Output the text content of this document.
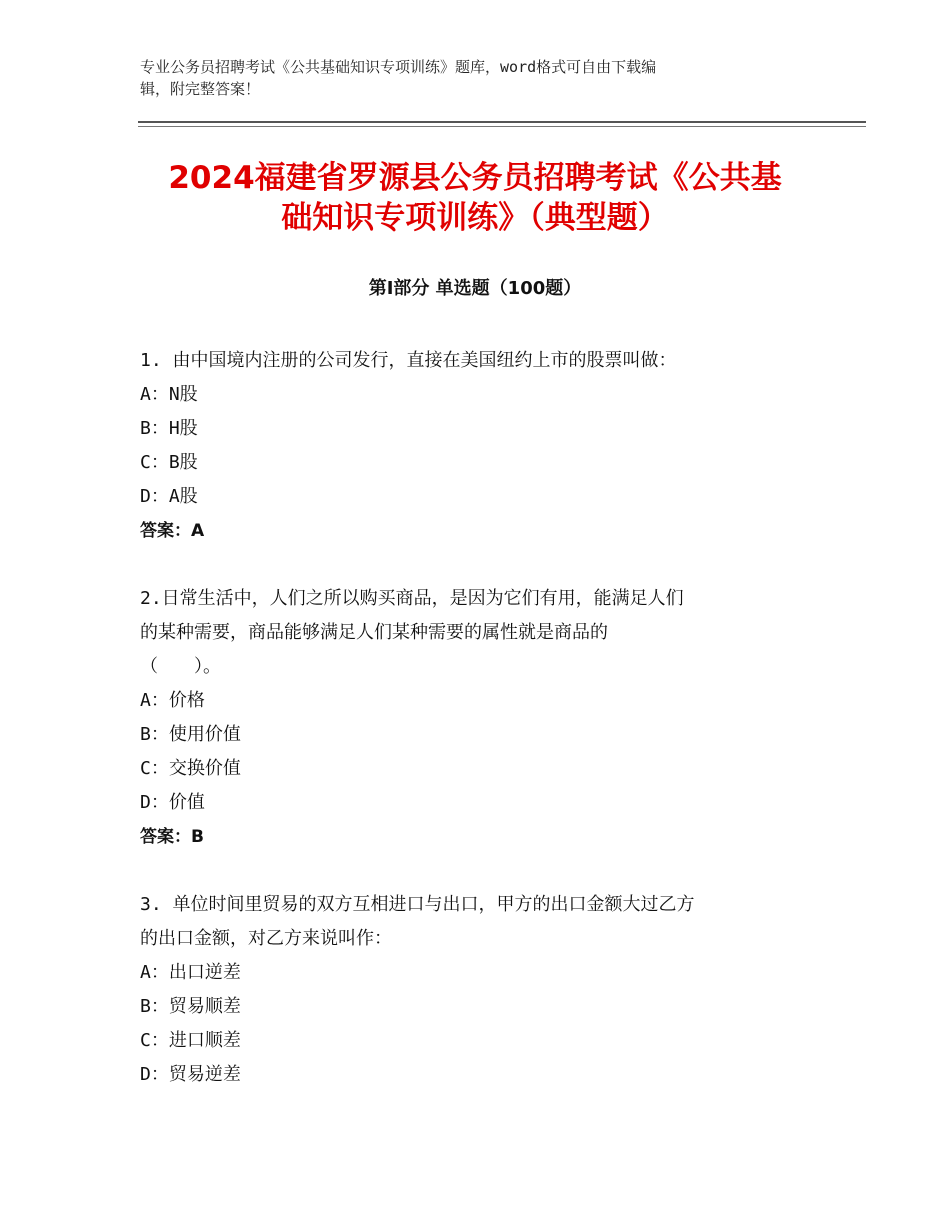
专业公务员招聘考试《公共基础知识专项训练》题库，word格式可自由下载编
辑，附完整答案！
2024福建省罗源县公务员招聘考试《公共基
础知识专项训练》（典型题）
第Ⅰ部分 单选题（100题）
1. 由中国境内注册的公司发行，直接在美国纽约上市的股票叫做：
A：N股
B：H股
C：B股
D：A股
答案：A
2.日常生活中，人们之所以购买商品，是因为它们有用，能满足人们
的某种需要，商品能够满足人们某种需要的属性就是商品的
（　　）。
A：价格
B：使用价值
C：交换价值
D：价值
答案：B
3. 单位时间里贸易的双方互相进口与出口，甲方的出口金额大过乙方
的出口金额，对乙方来说叫作：
A：出口逆差
B：贸易顺差
C：进口顺差
D：贸易逆差
